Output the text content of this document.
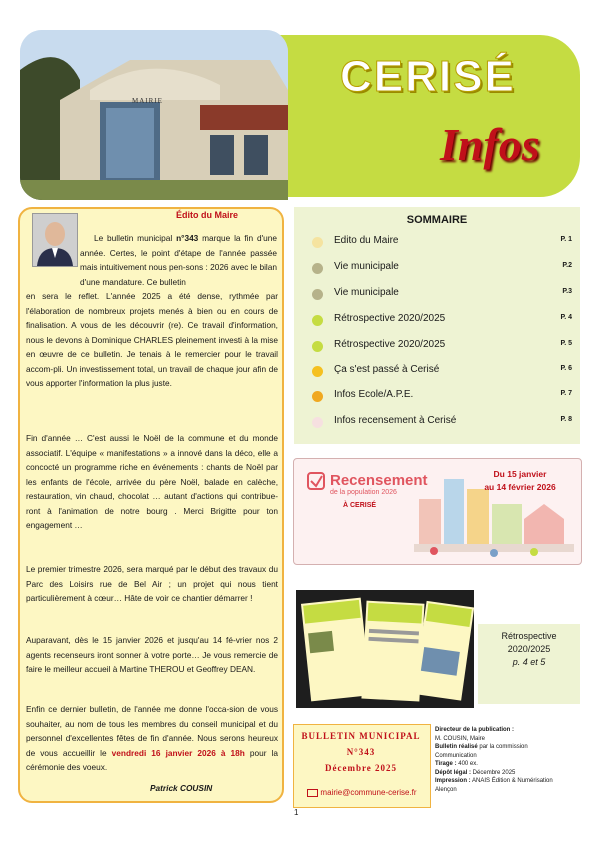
MAIRIE	CERISÉ
Infos
Édito du Maire
Le bulletin municipal n°343 marque la fin d'une année. Certes, le point d'étape de l'année passée mais intuitivement nous pen-sons : 2026 avec le bilan d'une mandature. Ce bulletin
en sera le reflet. L'année 2025 a été dense, rythmée par l'élaboration de nombreux projets menés à bien ou en cours de finalisation. A vous de les découvrir (re). Ce travail d'information, nous le devons à Dominique CHARLES pleinement investi à la mise en œuvre de ce bulletin. Je tenais à le remercier pour le travail accom-pli. Un investissement total, un travail de chaque jour afin de vous apporter l'information la plus juste.
Fin d'année … C'est aussi le Noël de la commune et du monde associatif. L'équipe « manifestations » a innové dans la déco, elle a concocté un programme riche en événements : chants de Noël par les enfants de l'école, arrivée du père Noël, balade en calèche, restauration, vin chaud, chocolat … autant d'actions qui contribue-ront à l'animation de notre bourg . Merci Brigitte pour ton engagement …
Le premier trimestre 2026, sera marqué par le début des travaux du Parc des Loisirs rue de Bel Air ; un projet qui nous tient particulièrement à cœur… Hâte de voir ce chantier démarrer !
Auparavant, dès le 15 janvier 2026 et jusqu'au 14 fé-vrier nos 2 agents recenseurs iront sonner à votre porte… Je vous remercie de faire le meilleur accueil à Martine THEROU et Geoffrey DEAN.
Enfin ce dernier bulletin, de l'année me donne l'occa-sion de vous souhaiter, au nom de tous les membres du conseil municipal et du personnel d'excellentes fêtes de fin d'année. Nous serons heureux de vous accueillir le vendredi 16 janvier 2026 à 18h pour la cérémonie des voeux.
Patrick COUSIN
SOMMAIRE
Edito du Maire	P. 1
Vie municipale	P.2
Vie municipale	P.3
Rétrospective 2020/2025	P. 4
Rétrospective 2020/2025	P. 5
Ça s'est passé à Cerisé	P. 6
Infos Ecole/A.P.E.	P. 7
Infos recensement à Cerisé	P. 8
Recensement
de la population 2026
À CERISÉ
Du 15 janvier
au 14 février 2026
Rétrospective
2020/2025
p. 4 et 5
BULLETIN MUNICIPAL
N°343
Décembre 2025
mairie@commune-cerise.fr
Directeur de la publication :
M. COUSIN, Maire
Bulletin réalisé par la commission
Communication
Tirage : 400 ex.
Dépôt légal : Décembre 2025
Impression : ANAIS Édition & Numérisation
Alençon
1
